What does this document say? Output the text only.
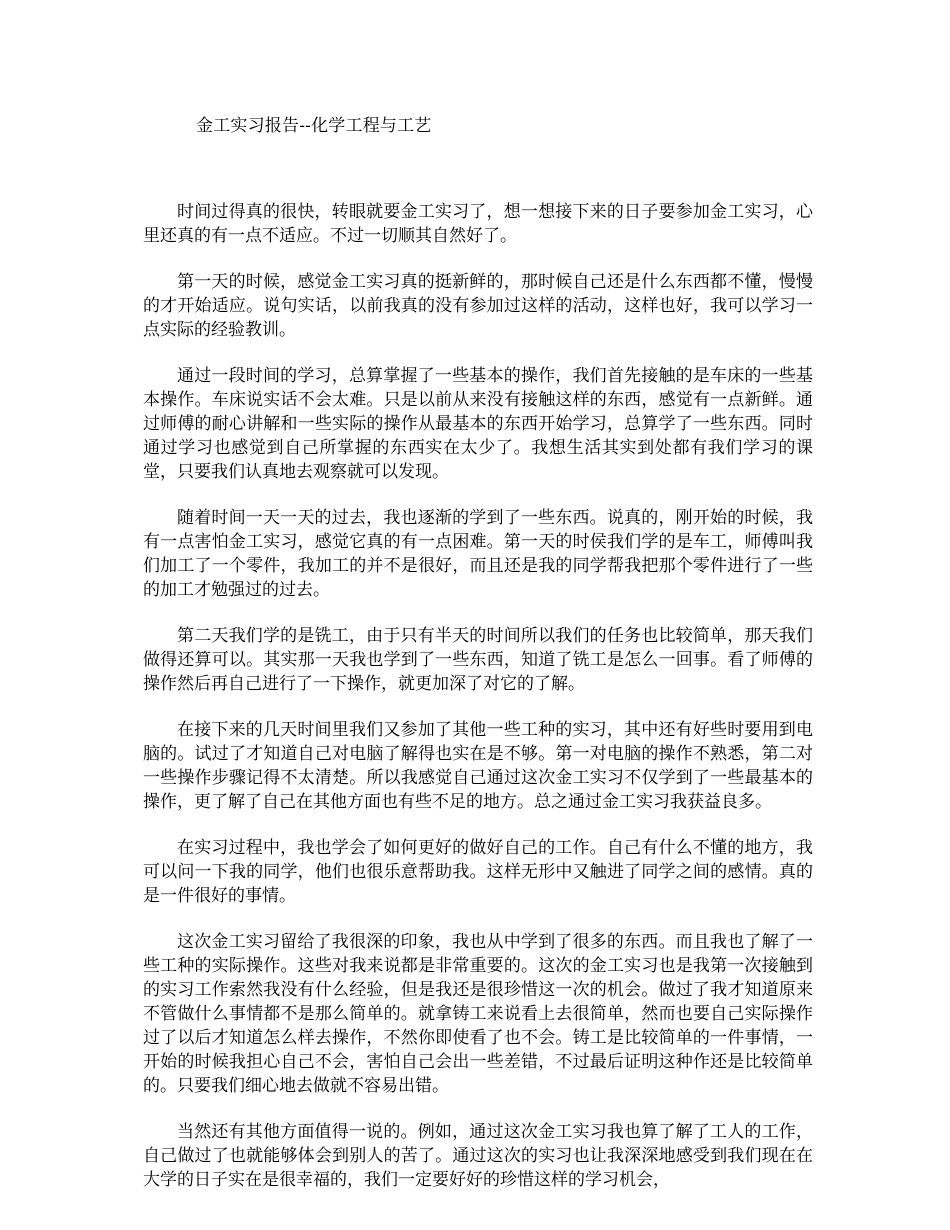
金工实习报告--化学工程与工艺

时间过得真的很快，转眼就要金工实习了，想一想接下来的日子要参加金工实习，心里还真的有一点不适应。不过一切顺其自然好了。

第一天的时候，感觉金工实习真的挺新鲜的，那时候自己还是什么东西都不懂，慢慢的才开始适应。说句实话，以前我真的没有参加过这样的活动，这样也好，我可以学习一点实际的经验教训。

通过一段时间的学习，总算掌握了一些基本的操作，我们首先接触的是车床的一些基本操作。车床说实话不会太难。只是以前从来没有接触这样的东西，感觉有一点新鲜。通过师傅的耐心讲解和一些实际的操作从最基本的东西开始学习，总算学了一些东西。同时通过学习也感觉到自己所掌握的东西实在太少了。我想生活其实到处都有我们学习的课堂，只要我们认真地去观察就可以发现。

随着时间一天一天的过去，我也逐渐的学到了一些东西。说真的，刚开始的时候，我有一点害怕金工实习，感觉它真的有一点困难。第一天的时侯我们学的是车工，师傅叫我们加工了一个零件，我加工的并不是很好，而且还是我的同学帮我把那个零件进行了一些的加工才勉强过的过去。

第二天我们学的是铣工，由于只有半天的时间所以我们的任务也比较简单，那天我们做得还算可以。其实那一天我也学到了一些东西，知道了铣工是怎么一回事。看了师傅的操作然后再自己进行了一下操作，就更加深了对它的了解。

在接下来的几天时间里我们又参加了其他一些工种的实习，其中还有好些时要用到电脑的。试过了才知道自己对电脑了解得也实在是不够。第一对电脑的操作不熟悉，第二对一些操作步骤记得不太清楚。所以我感觉自己通过这次金工实习不仅学到了一些最基本的操作，更了解了自己在其他方面也有些不足的地方。总之通过金工实习我获益良多。

在实习过程中，我也学会了如何更好的做好自己的工作。自己有什么不懂的地方，我可以问一下我的同学，他们也很乐意帮助我。这样无形中又触进了同学之间的感情。真的是一件很好的事情。

这次金工实习留给了我很深的印象，我也从中学到了很多的东西。而且我也了解了一些工种的实际操作。这些对我来说都是非常重要的。这次的金工实习也是我第一次接触到的实习工作索然我没有什么经验，但是我还是很珍惜这一次的机会。做过了我才知道原来不管做什么事情都不是那么简单的。就拿铸工来说看上去很简单，然而也要自己实际操作过了以后才知道怎么样去操作，不然你即使看了也不会。铸工是比较简单的一件事情，一开始的时候我担心自己不会，害怕自己会出一些差错，不过最后证明这种作还是比较简单的。只要我们细心地去做就不容易出错。

当然还有其他方面值得一说的。例如，通过这次金工实习我也算了解了工人的工作，自己做过了也就能够体会到别人的苦了。通过这次的实习也让我深深地感受到我们现在在大学的日子实在是很幸福的，我们一定要好好的珍惜这样的学习机会，
